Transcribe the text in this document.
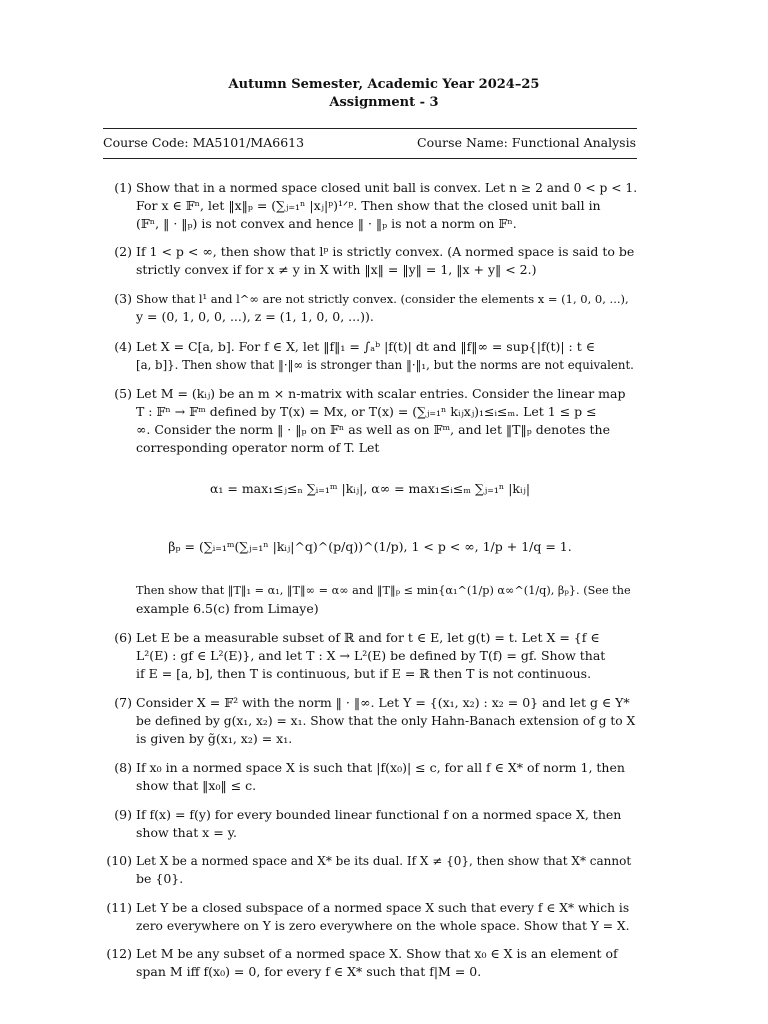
Autumn Semester, Academic Year 2024–25
Assignment - 3
Course Code: MA5101/MA6613	Course Name: Functional Analysis
(1) Show that in a normed space closed unit ball is convex. Let n ≥ 2 and 0 < p < 1.
For x ∈ 𝔽ⁿ, let ‖x‖ₚ = (∑ⱼ₌₁ⁿ |xⱼ|ᵖ)¹ᐟᵖ. Then show that the closed unit ball in
(𝔽ⁿ, ‖ · ‖ₚ) is not convex and hence ‖ · ‖ₚ is not a norm on 𝔽ⁿ.
(2) If 1 < p < ∞, then show that lᵖ is strictly convex. (A normed space is said to be
strictly convex if for x ≠ y in X with ‖x‖ = ‖y‖ = 1, ‖x + y‖ < 2.)
(3) Show that l¹ and l^∞ are not strictly convex. (consider the elements x = (1, 0, 0, ...),
y = (0, 1, 0, 0, ...), z = (1, 1, 0, 0, ...)).
(4) Let X = C[a, b]. For f ∈ X, let ‖f‖₁ = ∫ₐᵇ |f(t)| dt and ‖f‖∞ = sup{|f(t)| : t ∈
[a, b]}. Then show that ‖·‖∞ is stronger than ‖·‖₁, but the norms are not equivalent.
(5) Let M = (kᵢⱼ) be an m × n-matrix with scalar entries. Consider the linear map
T : 𝔽ⁿ → 𝔽ᵐ defined by T(x) = Mx, or T(x) = (∑ⱼ₌₁ⁿ kᵢⱼxⱼ)₁≤ᵢ≤ₘ. Let 1 ≤ p ≤
∞. Consider the norm ‖ · ‖ₚ on 𝔽ⁿ as well as on 𝔽ᵐ, and let ‖T‖ₚ denotes the
corresponding operator norm of T. Let
α₁ = max₁≤ⱼ≤ₙ ∑ᵢ₌₁ᵐ |kᵢⱼ|, α∞ = max₁≤ᵢ≤ₘ ∑ⱼ₌₁ⁿ |kᵢⱼ|
βₚ = (∑ᵢ₌₁ᵐ(∑ⱼ₌₁ⁿ |kᵢⱼ|^q)^(p/q))^(1/p), 1 < p < ∞, 1/p + 1/q = 1.
Then show that ‖T‖₁ = α₁, ‖T‖∞ = α∞ and ‖T‖ₚ ≤ min{α₁^(1/p) α∞^(1/q), βₚ}. (See the
example 6.5(c) from Limaye)
(6) Let E be a measurable subset of ℝ and for t ∈ E, let g(t) = t. Let X = {f ∈
L²(E) : gf ∈ L²(E)}, and let T : X → L²(E) be defined by T(f) = gf. Show that
if E = [a, b], then T is continuous, but if E = ℝ then T is not continuous.
(7) Consider X = 𝔽² with the norm ‖ · ‖∞. Let Y = {(x₁, x₂) : x₂ = 0} and let g ∈ Y*
be defined by g(x₁, x₂) = x₁. Show that the only Hahn-Banach extension of g to X
is given by g̃(x₁, x₂) = x₁.
(8) If x₀ in a normed space X is such that |f(x₀)| ≤ c, for all f ∈ X* of norm 1, then
show that ‖x₀‖ ≤ c.
(9) If f(x) = f(y) for every bounded linear functional f on a normed space X, then
show that x = y.
(10) Let X be a normed space and X* be its dual. If X ≠ {0}, then show that X* cannot
be {0}.
(11) Let Y be a closed subspace of a normed space X such that every f ∈ X* which is
zero everywhere on Y is zero everywhere on the whole space. Show that Y = X.
(12) Let M be any subset of a normed space X. Show that x₀ ∈ X is an element of
span M iff f(x₀) = 0, for every f ∈ X* such that f|M = 0.
